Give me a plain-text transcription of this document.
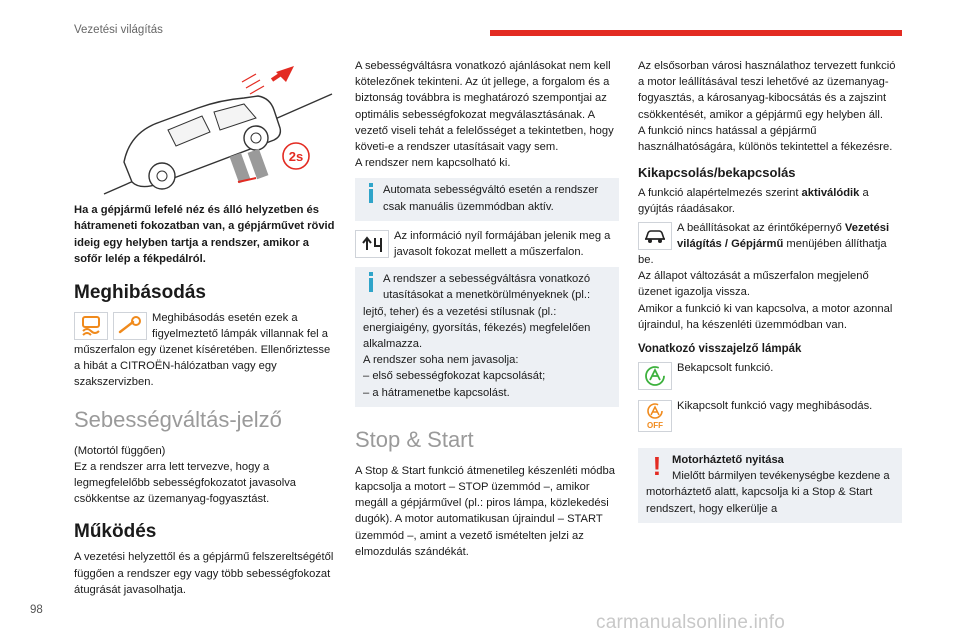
Vezetési világítás
2s

Ha a gépjármű lefelé néz és álló helyzetben és hátrameneti fokozatban van, a gépjárművet rövid ideig egy helyben tartja a rendszer, amikor a sofőr lelép a fékpedálról.

Meghibásodás
Meghibásodás esetén ezek a figyelmeztető lámpák villannak fel a műszerfalon egy üzenet kíséretében. Ellenőriztesse a hibát a CITROËN-hálózatban vagy egy szakszervizben.
Sebességváltás-jelző

(Motortól függően)
Ez a rendszer arra lett tervezve, hogy a legmegfelelőbb sebességfokozatot javasolva csökkentse az üzemanyag-fogyasztást.

Működés

A vezetési helyzettől és a gépjármű felszereltségétől függően a rendszer egy vagy több sebességfokozat átugrását javasolhatja.

A sebességváltásra vonatkozó ajánlásokat nem kell kötelezőnek tekinteni. Az út jellege, a forgalom és a biztonság továbbra is meghatározó szempontjai az optimális sebességfokozat megválasztásának. A vezető viseli tehát a felelősséget a tekintetben, hogy követi-e a rendszer utasításait vagy sem.
A rendszer nem kapcsolható ki.

Automata sebességváltó esetén a rendszer csak manuális üzemmódban aktív.
Az információ nyíl formájában jelenik meg a javasolt fokozat mellett a műszerfalon.
A rendszer a sebességváltásra vonatkozó utasításokat a menetkörülményeknek (pl.: lejtő, teher) és a vezetési stílusnak (pl.: energiaigény, gyorsítás, fékezés) megfelelően alkalmazza.
A rendszer soha nem javasolja:
– első sebességfokozat kapcsolását;
– a hátramenetbe kapcsolást.
Stop & Start

A Stop & Start funkció átmenetileg készenléti módba kapcsolja a motort – STOP üzemmód –, amikor megáll a gépjárművel (pl.: piros lámpa, közlekedési dugók). A motor automatikusan újraindul – START üzemmód –, amint a vezető ismételten jelzi az elmozdulás szándékát.

Az elsősorban városi használathoz tervezett funkció a motor leállításával teszi lehetővé az üzemanyag-fogyasztás, a károsanyag-kibocsátás és a zajszint csökkentését, amikor a gépjármű egy helyben áll.
A funkció nincs hatással a gépjármű használhatóságára, különös tekintettel a fékezésre.

Kikapcsolás/bekapcsolás

A funkció alapértelmezés szerint aktiválódik a gyújtás ráadásakor.

A beállításokat az érintőképernyő Vezetési világítás / Gépjármű menüjében állíthatja be.

Az állapot változását a műszerfalon megjelenő üzenet igazolja vissza.
Amikor a funkció ki van kapcsolva, a motor azonnal újraindul, ha készenléti üzemmódban van.

Vonatkozó visszajelző lámpák
Bekapcsolt funkció.
OFF
Kikapcsolt funkció vagy meghibásodás.
! Motorháztető nyitása
Mielőtt bármilyen tevékenységbe kezdene a motorháztető alatt, kapcsolja ki a Stop & Start rendszert, hogy elkerülje a
98
carmanualsonline.info
